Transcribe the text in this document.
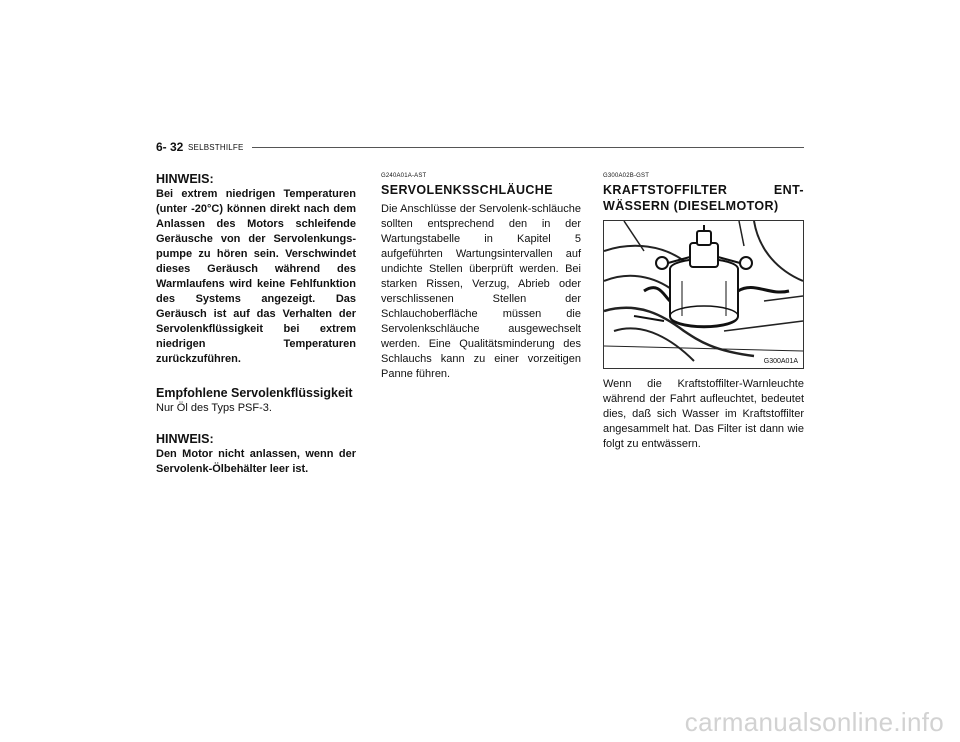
6- 32 SELBSTHILFE
HINWEIS:

Bei extrem niedrigen Temperaturen (unter -20°C) können direkt nach dem Anlassen des Motors schleifende Geräusche von der Servolenkungs-pumpe zu hören sein. Verschwindet dieses Geräusch während des Warmlaufens wird keine Fehlfunktion des Systems angezeigt. Das Geräusch ist auf das Verhalten der Servolenkflüssigkeit bei extrem niedrigen Temperaturen zurückzuführen.

Empfohlene Servolenkflüssigkeit

Nur Öl des Typs PSF-3.

HINWEIS:

Den Motor nicht anlassen, wenn der Servolenk-Ölbehälter leer ist.

G240A01A-AST
SERVOLENKSSCHLÄUCHE

Die Anschlüsse der Servolenk-schläuche sollten entsprechend den in der Wartungstabelle in Kapitel 5 aufgeführten Wartungsintervallen auf undichte Stellen überprüft werden. Bei starken Rissen, Verzug, Abrieb oder verschlissenen Stellen der Schlauchoberfläche müssen die Servolenkschläuche ausgewechselt werden. Eine Qualitätsminderung des Schlauchs kann zu einer vorzeitigen Panne führen.

G300A02B-GST
KRAFTSTOFFILTER ENT-WÄSSERN (DIESELMOTOR)
G300A01A

Wenn die Kraftstoffilter-Warnleuchte während der Fahrt aufleuchtet, bedeutet dies, daß sich Wasser im Kraftstoffilter angesammelt hat. Das Filter ist dann wie folgt zu entwässern.

carmanualsonline.info
